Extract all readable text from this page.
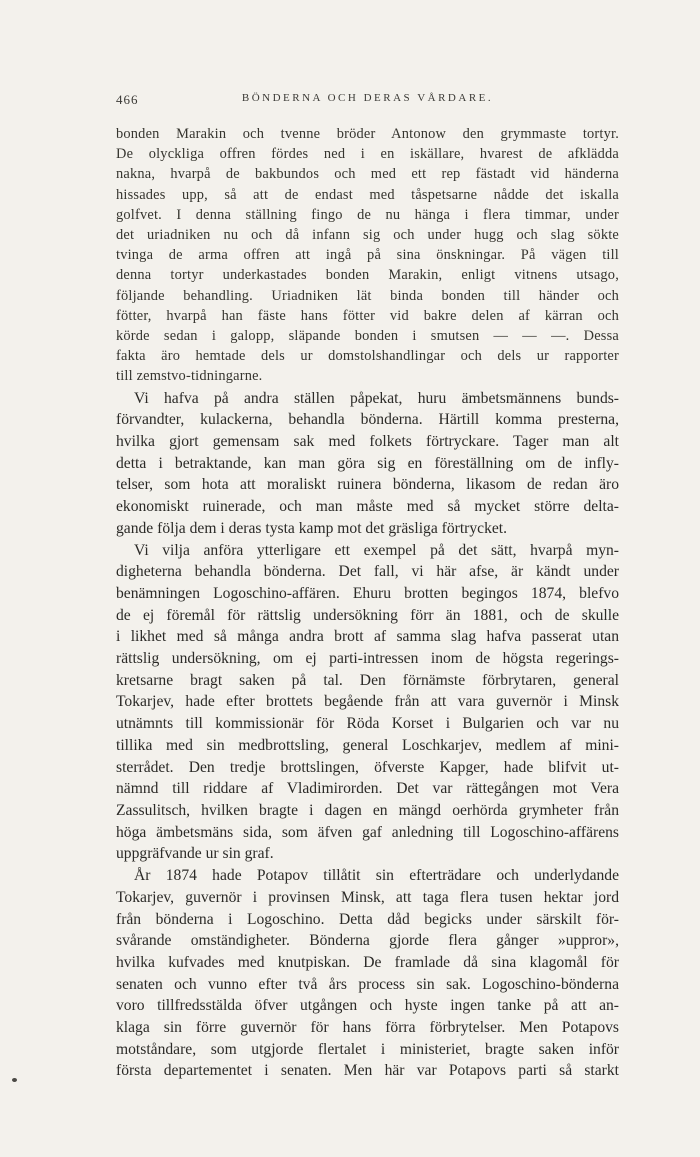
466	BÖNDERNA OCH DERAS VÅRDARE.

bonden Marakin och tvenne bröder Antonow den grymmaste tortyr.
De olyckliga offren fördes ned i en iskällare, hvarest de afklädda
nakna, hvarpå de bakbundos och med ett rep fästadt vid händerna
hissades upp, så att de endast med tåspetsarne nådde det iskalla
golfvet. I denna ställning fingo de nu hänga i flera timmar, under
det uriadniken nu och då infann sig och under hugg och slag sökte
tvinga de arma offren att ingå på sina önskningar. På vägen till
denna tortyr underkastades bonden Marakin, enligt vitnens utsago,
följande behandling. Uriadniken lät binda bonden till händer och
fötter, hvarpå han fäste hans fötter vid bakre delen af kärran och
körde sedan i galopp, släpande bonden i smutsen — — —. Dessa
fakta äro hemtade dels ur domstolshandlingar och dels ur rapporter
till zemstvo-tidningarne.

Vi hafva på andra ställen påpekat, huru ämbetsmännens bunds-
förvandter, kulackerna, behandla bönderna. Härtill komma presterna,
hvilka gjort gemensam sak med folkets förtryckare. Tager man alt
detta i betraktande, kan man göra sig en föreställning om de infly-
telser, som hota att moraliskt ruinera bönderna, likasom de redan äro
ekonomiskt ruinerade, och man måste med så mycket större delta-
gande följa dem i deras tysta kamp mot det gräsliga förtrycket.

Vi vilja anföra ytterligare ett exempel på det sätt, hvarpå myn-
digheterna behandla bönderna. Det fall, vi här afse, är kändt under
benämningen Logoschino-affären. Ehuru brotten begingos 1874, blefvo
de ej föremål för rättslig undersökning förr än 1881, och de skulle
i likhet med så många andra brott af samma slag hafva passerat utan
rättslig undersökning, om ej parti-intressen inom de högsta regerings-
kretsarne bragt saken på tal. Den förnämste förbrytaren, general
Tokarjev, hade efter brottets begående från att vara guvernör i Minsk
utnämnts till kommissionär för Röda Korset i Bulgarien och var nu
tillika med sin medbrottsling, general Loschkarjev, medlem af mini-
sterrådet. Den tredje brottslingen, öfverste Kapger, hade blifvit ut-
nämnd till riddare af Vladimirorden. Det var rättegången mot Vera
Zassulitsch, hvilken bragte i dagen en mängd oerhörda grymheter från
höga ämbetsmäns sida, som äfven gaf anledning till Logoschino-affärens
uppgräfvande ur sin graf.

År 1874 hade Potapov tillåtit sin efterträdare och underlydande
Tokarjev, guvernör i provinsen Minsk, att taga flera tusen hektar jord
från bönderna i Logoschino. Detta dåd begicks under särskilt för-
svårande omständigheter. Bönderna gjorde flera gånger »uppror»,
hvilka kufvades med knutpiskan. De framlade då sina klagomål för
senaten och vunno efter två års process sin sak. Logoschino-bönderna
voro tillfredsstälda öfver utgången och hyste ingen tanke på att an-
klaga sin förre guvernör för hans förra förbrytelser. Men Potapovs
motståndare, som utgjorde flertalet i ministeriet, bragte saken inför
första departementet i senaten. Men här var Potapovs parti så starkt
